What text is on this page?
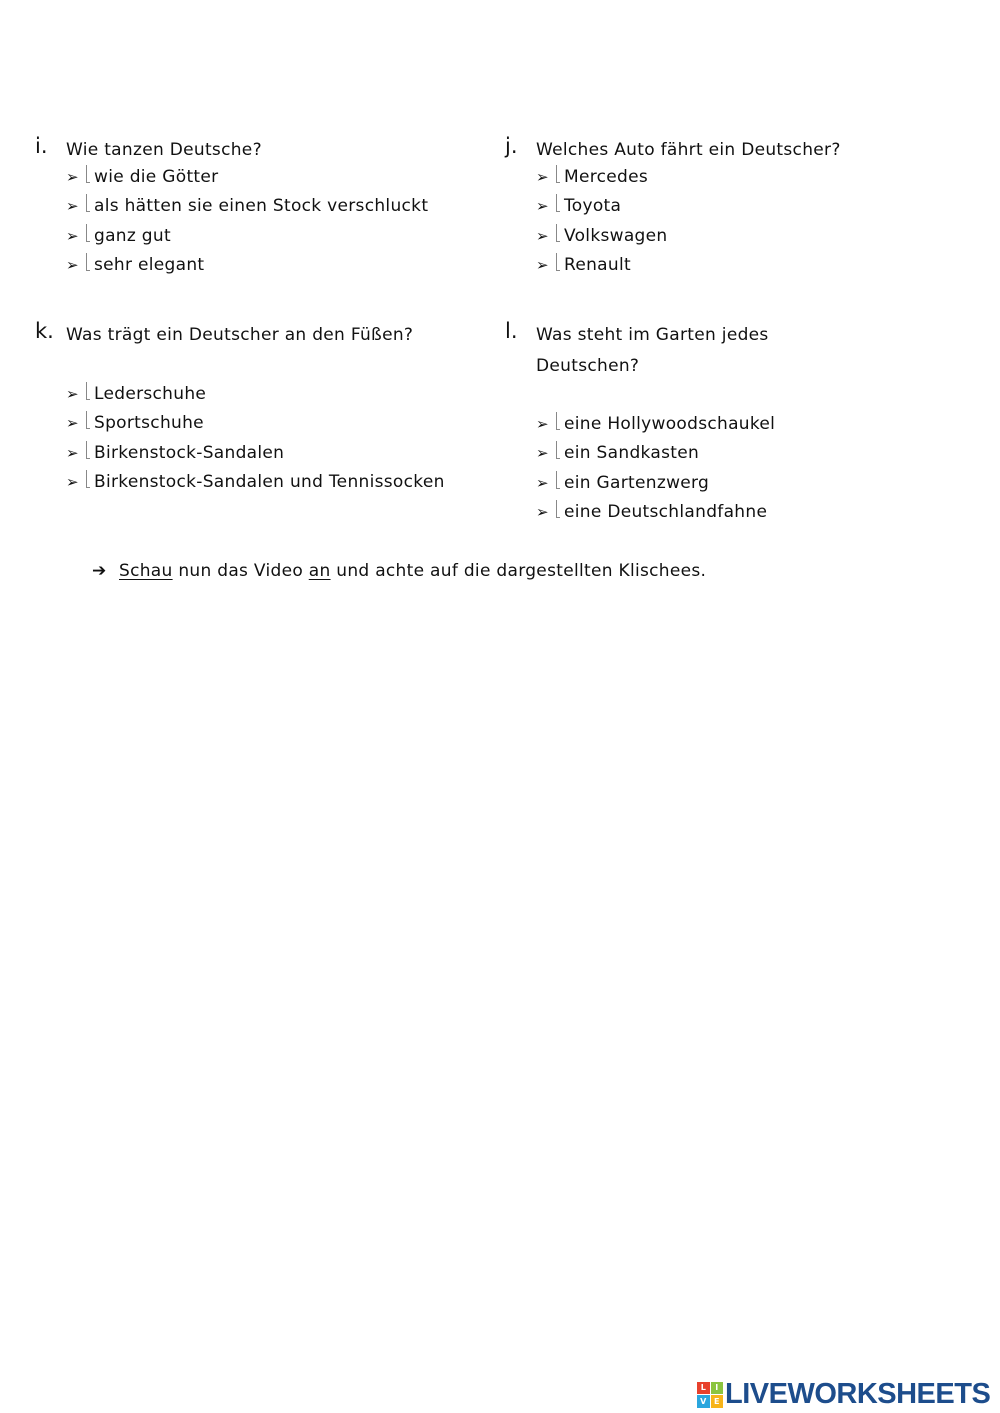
i. Wie tanzen Deutsche?
➢ wie die Götter
➢ als hätten sie einen Stock verschluckt
➢ ganz gut
➢ sehr elegant
j. Welches Auto fährt ein Deutscher?
➢ Mercedes
➢ Toyota
➢ Volkswagen
➢ Renault
k. Was trägt ein Deutscher an den Füßen?
➢ Lederschuhe
➢ Sportschuhe
➢ Birkenstock-Sandalen
➢ Birkenstock-Sandalen und Tennissocken
l. Was steht im Garten jedes
Deutschen?
➢ eine Hollywoodschaukel
➢ ein Sandkasten
➢ ein Gartenzwerg
➢ eine Deutschlandfahne
➔ Schau nun das Video an und achte auf die dargestellten Klischees.
L	I
V E LIVEWORKSHEETS
